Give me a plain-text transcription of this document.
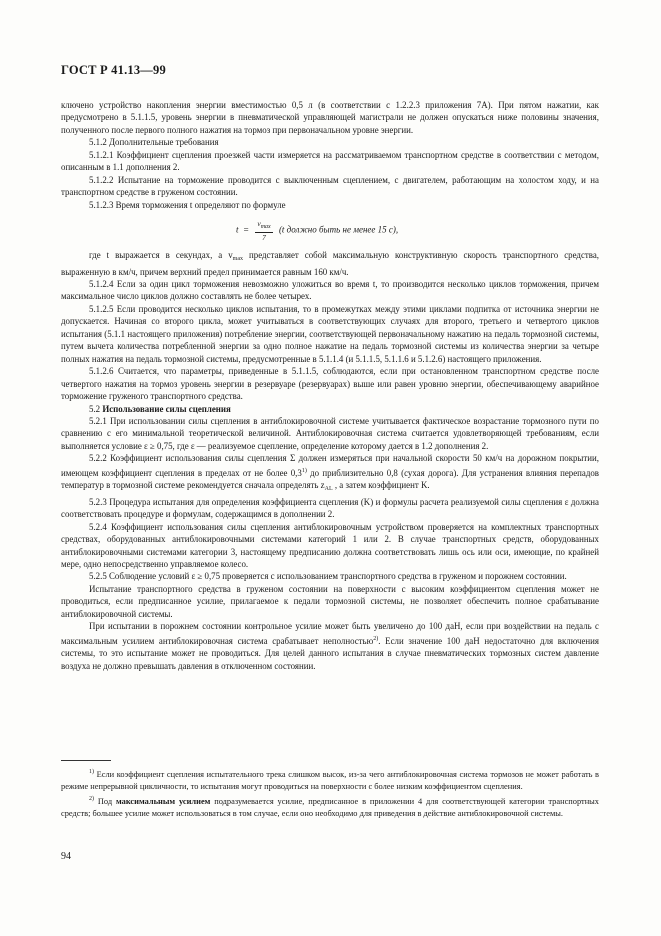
ГОСТ Р 41.13—99

ключено устройство накопления энергии вместимостью 0,5 л (в соответствии с 1.2.2.3 приложения 7А). При пятом нажатии, как предусмотрено в 5.1.1.5, уровень энергии в пневматической управляющей магистрали не должен опускаться ниже половины значения, полученного после первого полного нажатия на тормоз при первоначальном уровне энергии.

5.1.2 Дополнительные требования

5.1.2.1 Коэффициент сцепления проезжей части измеряется на рассматриваемом транспортном средстве в соответствии с методом, описанным в 1.1 дополнения 2.

5.1.2.2 Испытание на торможение проводится с выключенным сцеплением, с двигателем, работающим на холостом ходу, и на транспортном средстве в груженом состоянии.

5.1.2.3 Время торможения t определяют по формуле

$t = \frac{v_{max}}{7} (t$ должно быть не менее 15 с),

где t выражается в секундах, а $v_{max}$ представляет собой максимальную конструктивную скорость транспортного средства, выраженную в км/ч, причем верхний предел принимается равным 160 км/ч.

5.1.2.4 Если за один цикл торможения невозможно уложиться во время t, то производится несколько циклов торможения, причем максимальное число циклов должно составлять не более четырех.

5.1.2.5 Если проводится несколько циклов испытания, то в промежутках между этими циклами подпитка от источника энергии не допускается. Начиная со второго цикла, может учитываться в соответствующих случаях для второго, третьего и четвертого циклов испытания (5.1.1 настоящего приложения) потребление энергии, соответствующей первоначальному нажатию на педаль тормозной системы, путем вычета количества потребленной энергии за одно полное нажатие на педаль тормозной системы из количества энергии за четыре полных нажатия на педаль тормозной системы, предусмотренные в 5.1.1.4 (и 5.1.1.5, 5.1.1.6 и 5.1.2.6) настоящего приложения.

5.1.2.6 Считается, что параметры, приведенные в 5.1.1.5, соблюдаются, если при остановленном транспортном средстве после четвертого нажатия на тормоз уровень энергии в резервуаре (резервуарах) выше или равен уровню энергии, обеспечивающему аварийное торможение груженого транспортного средства.

5.2 Использование силы сцепления

5.2.1 При использовании силы сцепления в антиблокировочной системе учитывается фактическое возрастание тормозного пути по сравнению с его минимальной теоретической величиной. Антиблокировочная система считается удовлетворяющей требованиям, если выполняется условие ε ≥ 0,75, где ε — реализуемое сцепление, определение которому дается в 1.2 дополнения 2.

5.2.2 Коэффициент использования силы сцепления Σ должен измеряться при начальной скорости 50 км/ч на дорожном покрытии, имеющем коэффициент сцепления в пределах от не более 0,3$^{1)}$ до приблизительно 0,8 (сухая дорога). Для устранения влияния перепадов температур в тормозной системе рекомендуется сначала определять $z_{AL}$ , а затем коэффициент K.

5.2.3 Процедура испытания для определения коэффициента сцепления (K) и формулы расчета реализуемой силы сцепления ε должна соответствовать процедуре и формулам, содержащимся в дополнении 2.

5.2.4 Коэффициент использования силы сцепления антиблокировочным устройством проверяется на комплектных транспортных средствах, оборудованных антиблокировочными системами категорий 1 или 2. В случае транспортных средств, оборудованных антиблокировочными системами категории 3, настоящему предписанию должна соответствовать лишь ось или оси, имеющие, по крайней мере, одно непосредственно управляемое колесо.

5.2.5 Соблюдение условий ε ≥ 0,75 проверяется с использованием транспортного средства в груженом и порожнем состоянии.

Испытание транспортного средства в груженом состоянии на поверхности с высоким коэффициентом сцепления может не проводиться, если предписанное усилие, прилагаемое к педали тормозной системы, не позволяет обеспечить полное срабатывание антиблокировочной системы.

При испытании в порожнем состоянии контрольное усилие может быть увеличено до 100 даН, если при воздействии на педаль с максимальным усилием антиблокировочная система срабатывает неполностью$^{2)}$. Если значение 100 даН недостаточно для включения системы, то это испытание может не проводиться. Для целей данного испытания в случае пневматических тормозных систем давление воздуха не должно превышать давления в отключенном состоянии.

$^{1)}$ Если коэффициент сцепления испытательного трека слишком высок, из-за чего антиблокировочная система тормозов не может работать в режиме непрерывной цикличности, то испытания могут проводиться на поверхности с более низким коэффициентом сцепления.

$^{2)}$ Под максимальным усилием подразумевается усилие, предписанное в приложении 4 для соответствующей категории транспортных средств; большее усилие может использоваться в том случае, если оно необходимо для приведения в действие антиблокировочной системы.

94
